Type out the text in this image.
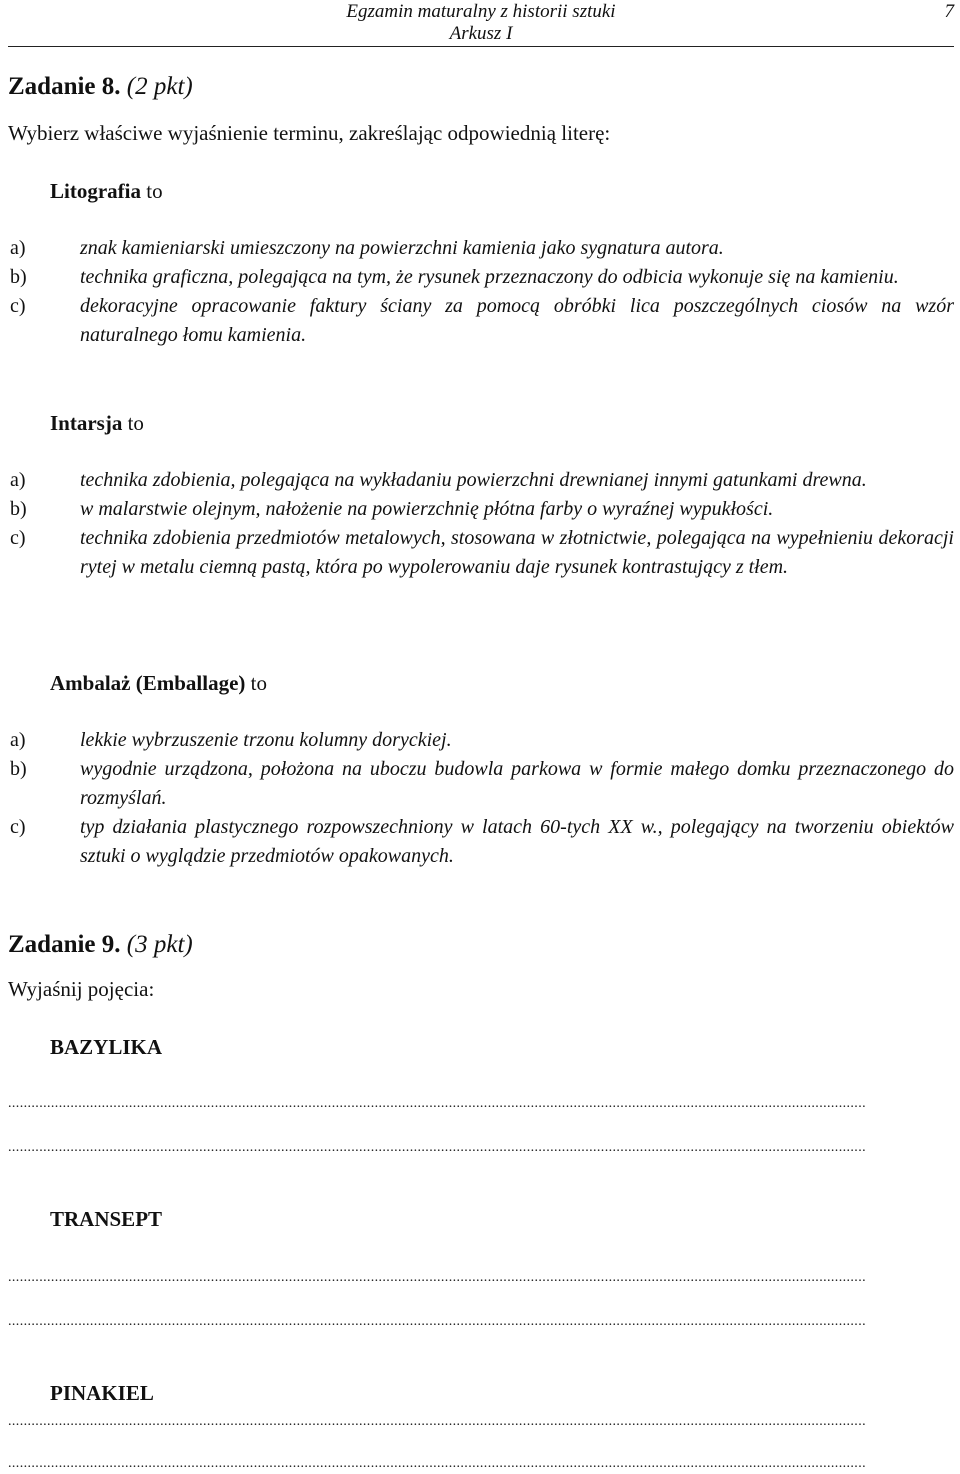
Egzamin maturalny z historii sztuki
Arkusz I
7
Zadanie 8. (2 pkt)

Wybierz właściwe wyjaśnienie terminu, zakreślając odpowiednią literę:

Litografia to

a)	znak kamieniarski umieszczony na powierzchni kamienia jako sygnatura autora.
b)	technika graficzna, polegająca na tym, że rysunek przeznaczony do odbicia wykonuje się na kamieniu.
c)	dekoracyjne opracowanie faktury ściany za pomocą obróbki lica poszczególnych ciosów na wzór naturalnego łomu kamienia.

Intarsja to

a)	technika zdobienia, polegająca na wykładaniu powierzchni drewnianej innymi gatunkami drewna.
b)	w malarstwie olejnym, nałożenie na powierzchnię płótna farby o wyraźnej wypukłości.
c)	technika zdobienia przedmiotów metalowych, stosowana w złotnictwie, polegająca na wypełnieniu dekoracji rytej w metalu ciemną pastą, która po wypolerowaniu daje rysunek kontrastujący z tłem.

Ambalaż (Emballage) to

a)	lekkie wybrzuszenie trzonu kolumny doryckiej.
b)	wygodnie urządzona, położona na uboczu budowla parkowa w formie małego domku przeznaczonego do rozmyślań.
c)	typ działania plastycznego rozpowszechniony w latach 60-tych XX w., polegający na tworzeniu obiektów sztuki o wyglądzie przedmiotów opakowanych.
Zadanie 9. (3 pkt)

Wyjaśnij pojęcia:

BAZYLIKA

............................................................................................................................................................................................................................
............................................................................................................................................................................................................................

TRANSEPT

............................................................................................................................................................................................................................
............................................................................................................................................................................................................................

PINAKIEL

............................................................................................................................................................................................................................
............................................................................................................................................................................................................................
